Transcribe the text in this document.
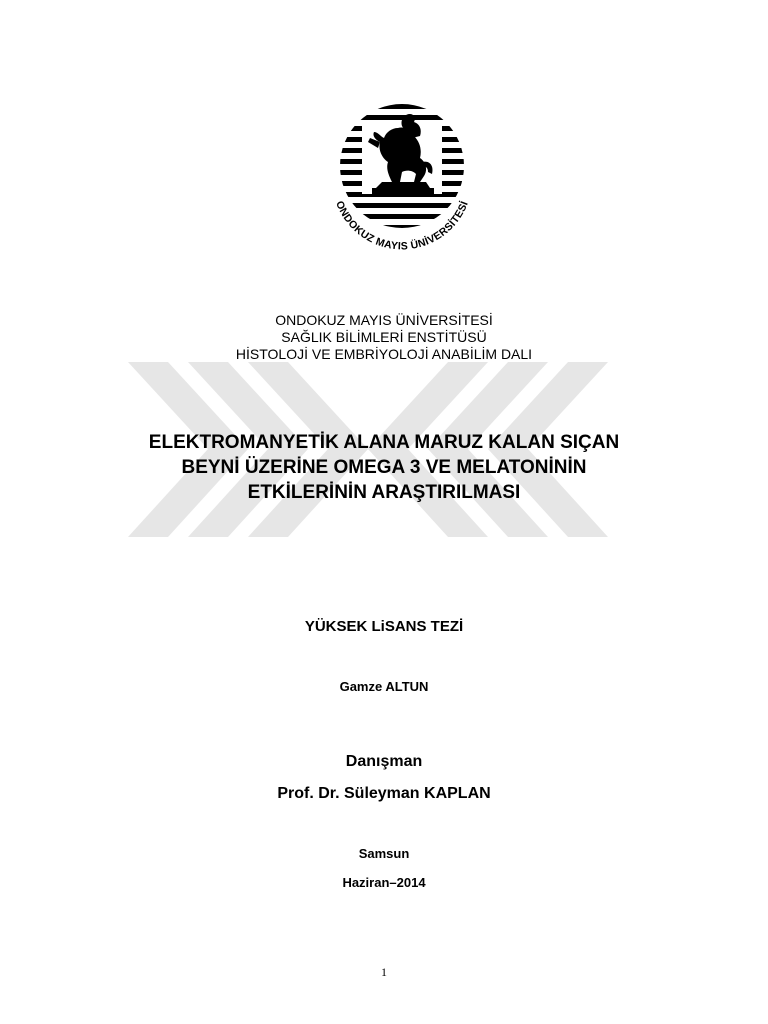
ONDOKUZ MAYIS ÜNİVERSİTESİ
ONDOKUZ MAYIS ÜNİVERSİTESİ
SAĞLIK BİLİMLERİ ENSTİTÜSÜ
HİSTOLOJİ VE EMBRİYOLOJİ ANABİLİM DALI
ELEKTROMANYETİK ALANA MARUZ KALAN SIÇAN
BEYNİ ÜZERİNE OMEGA 3 VE MELATONİNİN
ETKİLERİNİN ARAŞTIRILMASI
YÜKSEK LiSANS TEZİ
Gamze ALTUN
Danışman
Prof. Dr. Süleyman KAPLAN
Samsun
Haziran–2014
1
